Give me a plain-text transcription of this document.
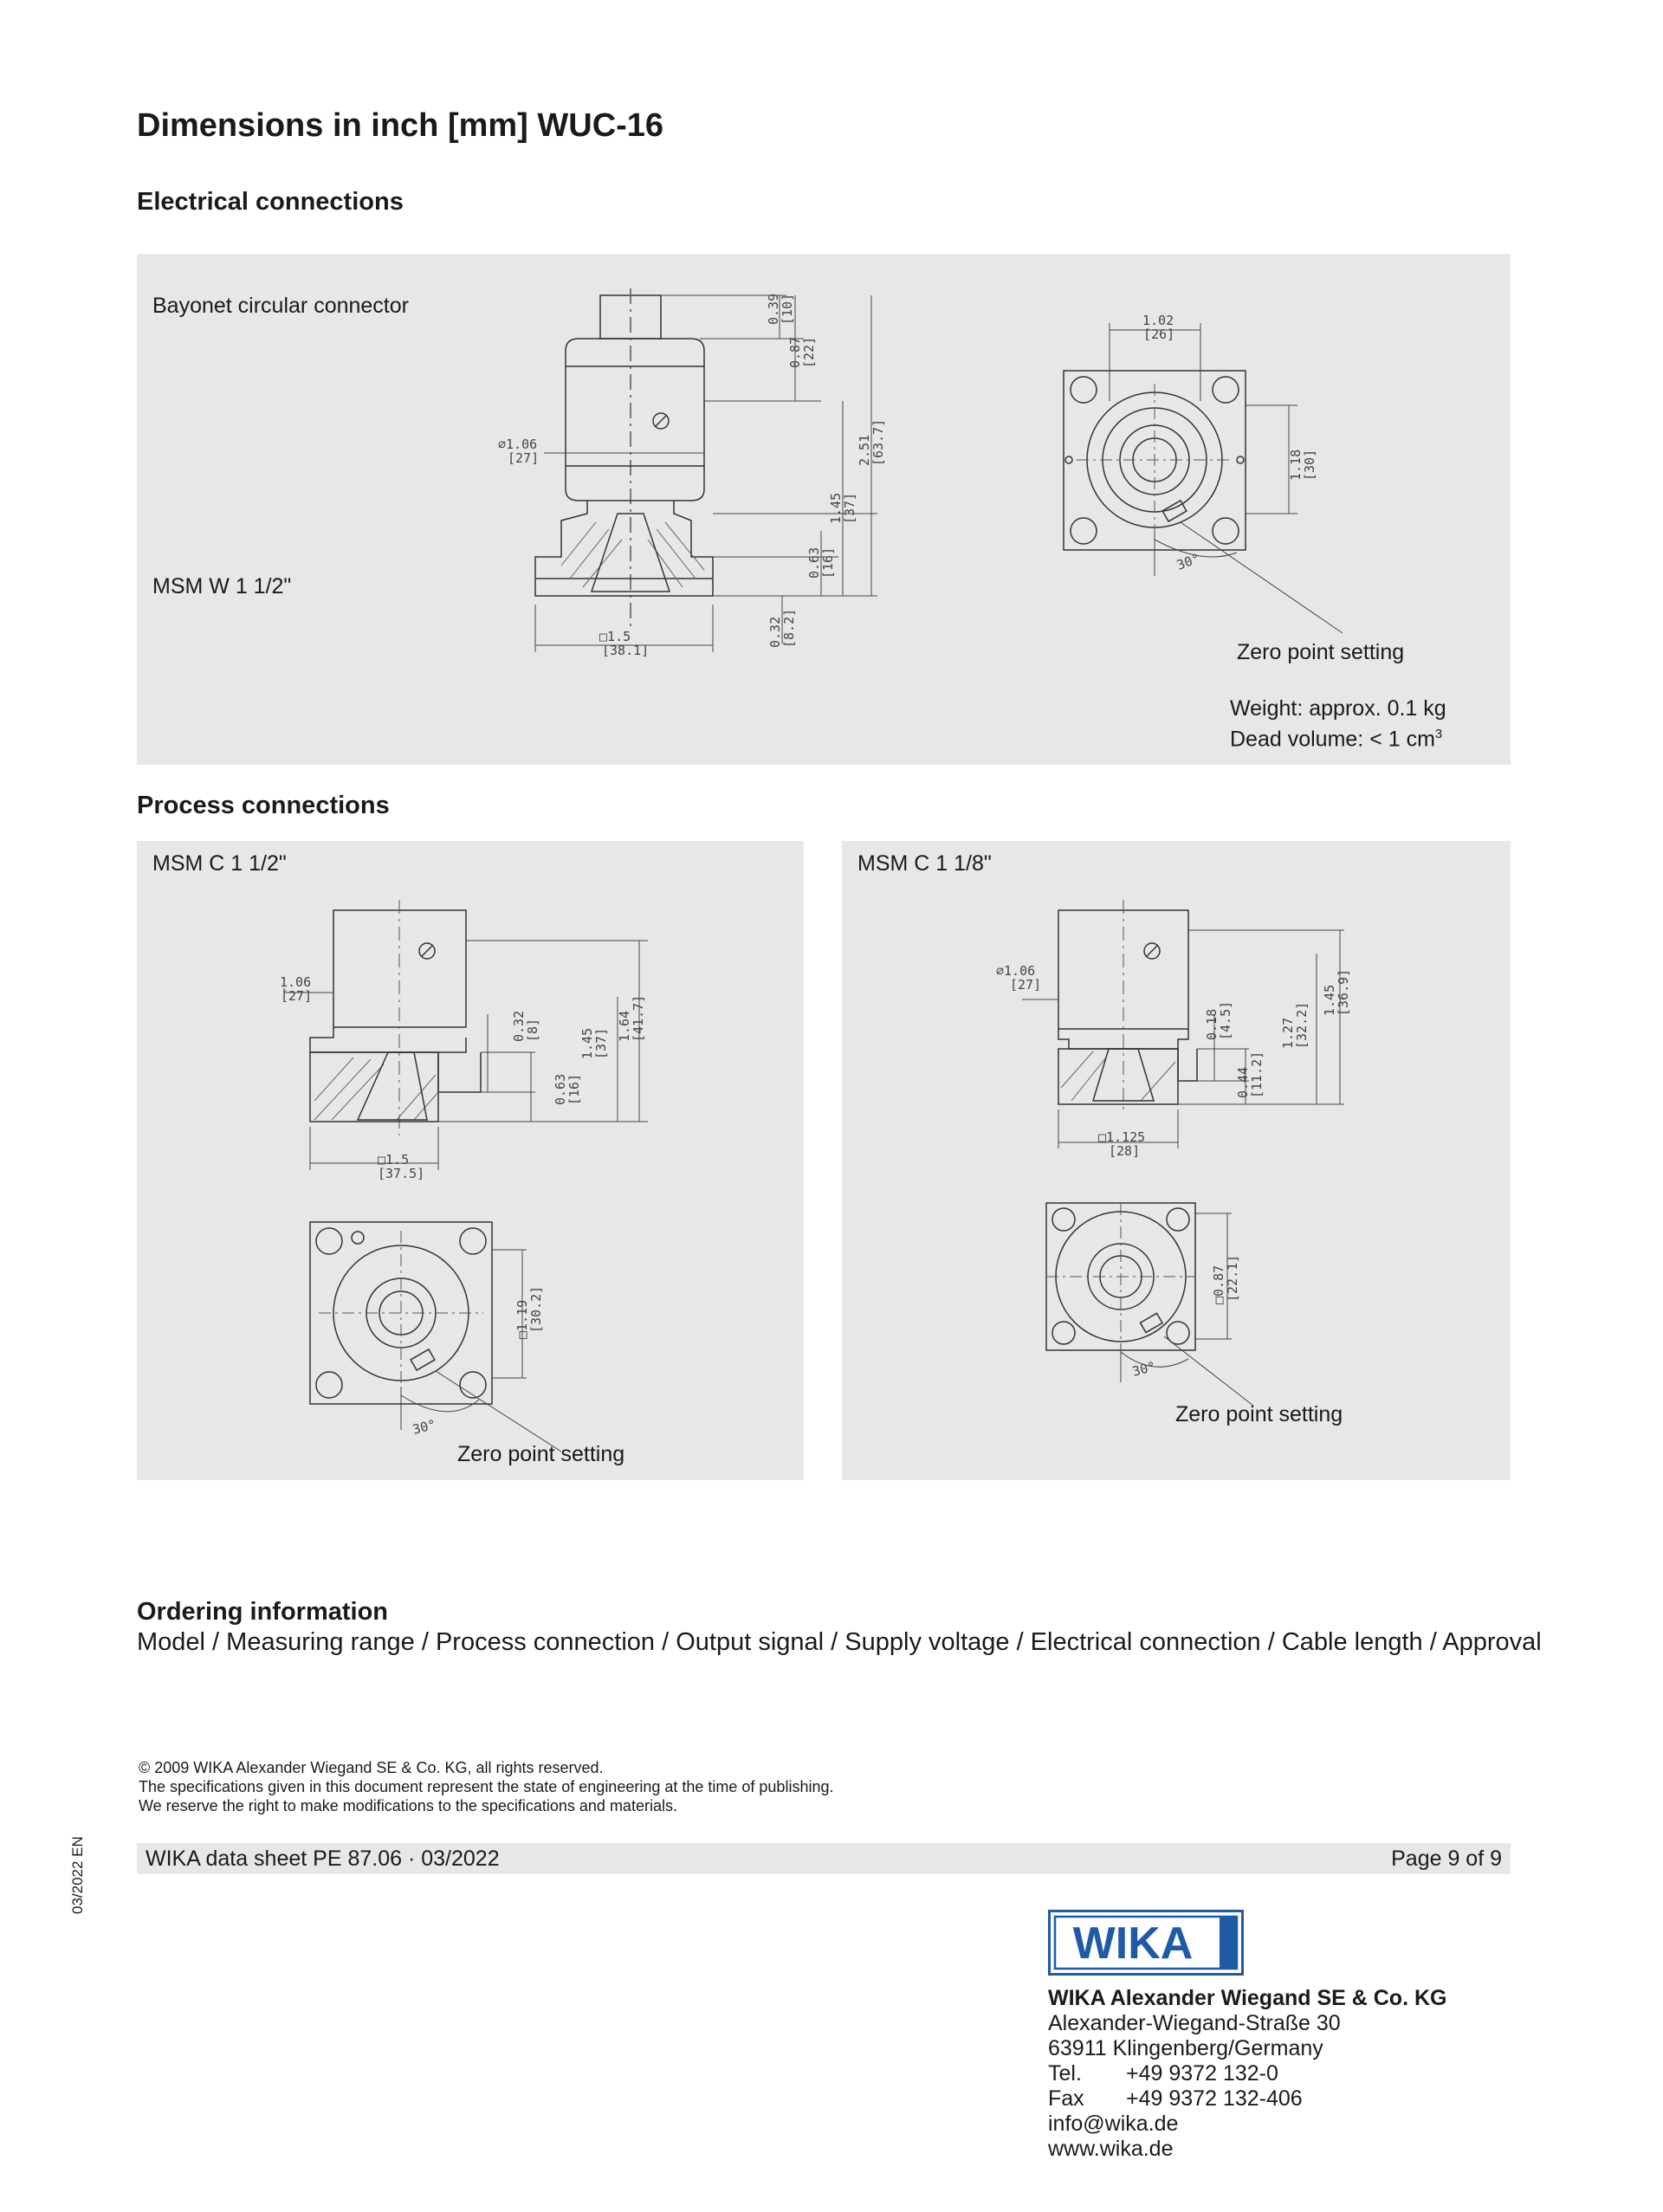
Dimensions in inch [mm] WUC-16
Electrical connections
Bayonet circular connector
MSM W 1 1/2"
0.39
[10]
0.87
[22]
2.51
[63.7]
1.45
[37]
0.63
[16]
0.32
[8.2]
⌀1.06
[27]
□1.5
[38.1]
1.02
[26]
1.18
[30]
30°
Zero point setting
Weight: approx. 0.1 kg
Dead volume: < 1 $cm^3$
Process connections
MSM C 1 1/2"
1.06
[27]
0.32
[8]
0.63
[16]
1.45
[37]
1.64
[41.7]
□1.5
[37.5]
□1.19
[30.2]
30°
Zero point setting
MSM C 1 1/8"
⌀1.06
[27]
0.18
[4.5]
0.44
[11.2]
1.27
[32.2]
1.45
[36.9]
□1.125
[28]
□0.87
[22.1]
30°
Zero point setting
Ordering information
Model / Measuring range / Process connection / Output signal / Supply voltage / Electrical connection / Cable length / Approval
© 2009 WIKA Alexander Wiegand SE & Co. KG, all rights reserved.
The specifications given in this document represent the state of engineering at the time of publishing.
We reserve the right to make modifications to the specifications and materials.
WIKA data sheet PE 87.06 · 03/2022	Page 9 of 9
03/2022 EN
WIKA
WIKA Alexander Wiegand SE & Co. KG
Alexander-Wiegand-Straße 30
63911 Klingenberg/Germany
Tel. +49 9372 132-0
Fax +49 9372 132-406
info@wika.de
www.wika.de
